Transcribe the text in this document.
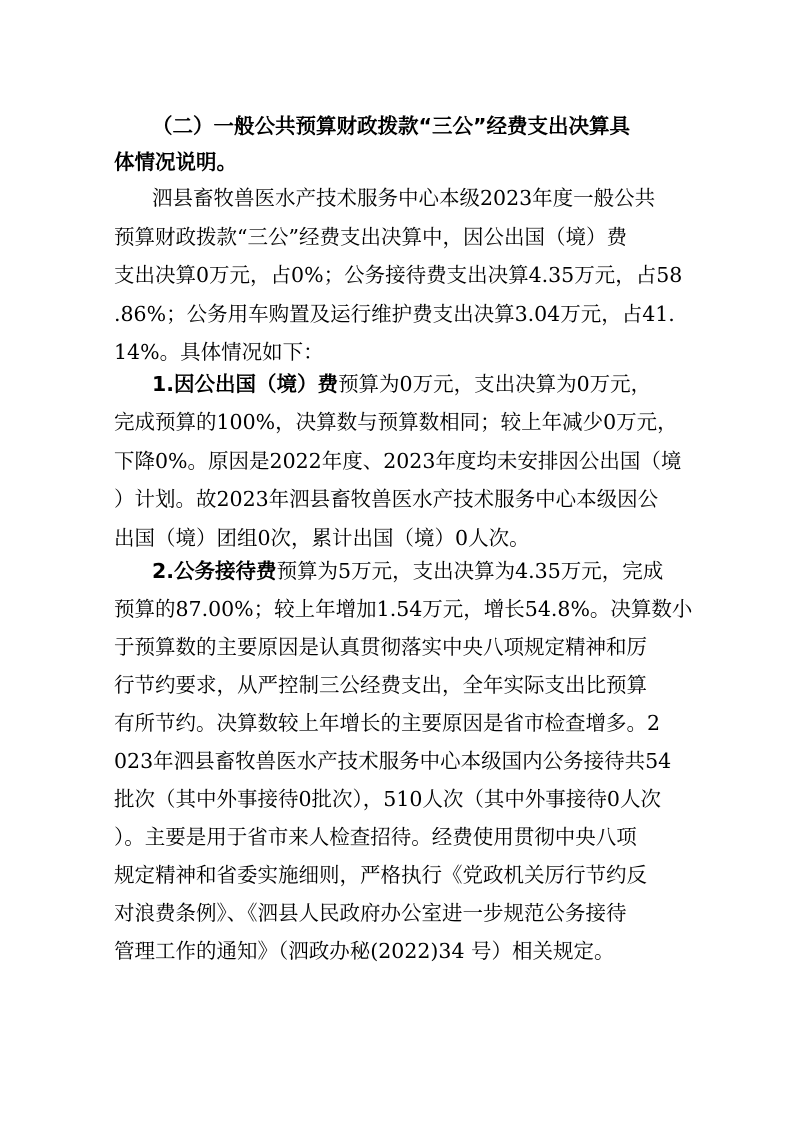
（二）一般公共预算财政拨款“三公”经费支出决算具
体情况说明。
泗县畜牧兽医水产技术服务中心本级2023年度一般公共
预算财政拨款“三公”经费支出决算中，因公出国（境）费
支出决算0万元，占0%；公务接待费支出决算4.35万元，占58
.86%；公务用车购置及运行维护费支出决算3.04万元，占41.
14%。具体情况如下：
1.因公出国（境）费预算为0万元，支出决算为0万元，
完成预算的100%，决算数与预算数相同；较上年减少0万元，
下降0%。原因是2022年度、2023年度均未安排因公出国（境
）计划。故2023年泗县畜牧兽医水产技术服务中心本级因公
出国（境）团组0次，累计出国（境）0人次。
2.公务接待费预算为5万元，支出决算为4.35万元，完成
预算的87.00%；较上年增加1.54万元，增长54.8%。决算数小
于预算数的主要原因是认真贯彻落实中央八项规定精神和厉
行节约要求，从严控制三公经费支出，全年实际支出比预算
有所节约。决算数较上年增长的主要原因是省市检查增多。2
023年泗县畜牧兽医水产技术服务中心本级国内公务接待共54
批次（其中外事接待0批次），510人次（其中外事接待0人次
）。主要是用于省市来人检查招待。经费使用贯彻中央八项
规定精神和省委实施细则，严格执行《党政机关厉行节约反
对浪费条例》、《泗县人民政府办公室进一步规范公务接待
管理工作的通知》（泗政办秘(2022)34 号）相关规定。
